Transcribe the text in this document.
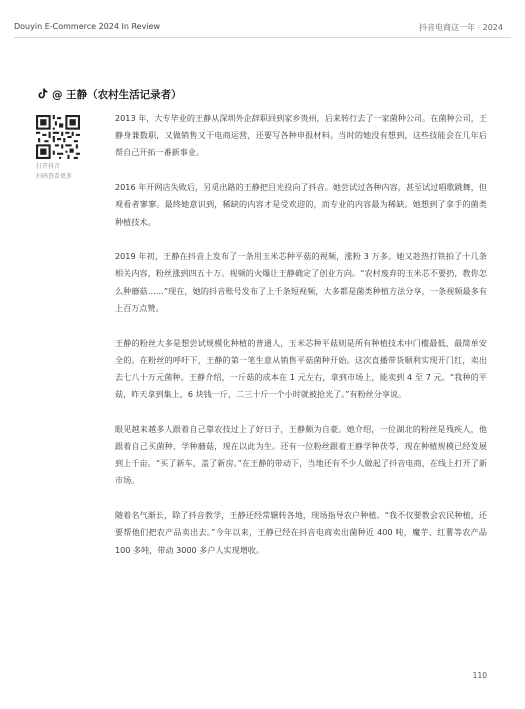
Douyin E-Commerce 2024 In Review	抖音电商这一年 · 2024
@ 王静（农村生活记录者）
打开抖音
扫码查看更多

2013 年，大专毕业的王静从深圳外企辞职回到家乡贵州，后来转行去了一家菌种公司。在菌种公司，王静身兼数职，又做销售又干电商运营，还要写各种申报材料。当时的她没有想到，这些技能会在几年后帮自己开拓一番新事业。

2016 年开网店失败后，另觅出路的王静把目光投向了抖音。她尝试过各种内容，甚至试过唱歌跳舞，但观看者寥寥。最终她意识到，稀缺的内容才是受欢迎的，而专业的内容最为稀缺。她想到了拿手的菌类种植技术。

2019 年初，王静在抖音上发布了一条用玉米芯种平菇的视频，涨粉 3 万多。她又趁热打铁拍了十几条相关内容，粉丝涨到四五十万。视频的火爆让王静确定了创业方向。“农村废弃的玉米芯不要扔，教你怎么种蘑菇……”现在，她的抖音账号发布了上千条短视频，大多都是菌类种植方法分享，一条视频最多有上百万点赞。

王静的粉丝大多是想尝试规模化种植的普通人，玉米芯种平菇则是所有种植技术中门槛最低、最简单安全的。在粉丝的呼吁下，王静的第一笔生意从销售平菇菌种开始。这次直播带货顺利实现开门红，卖出去七八十万元菌种。王静介绍，一斤菇的成本在 1 元左右，拿到市场上，能卖到 4 至 7 元。“我种的平菇，昨天拿到集上，6 块钱一斤，二三十斤一个小时就被抢光了。”有粉丝分享说。

眼见越来越多人跟着自己靠农技过上了好日子，王静颇为自豪。她介绍，一位湖北的粉丝是残疾人，他跟着自己买菌种、学种蘑菇，现在以此为生。还有一位粉丝跟着王静学种茯苓，现在种植规模已经发展到上千亩。“买了新车，盖了新房。”在王静的带动下，当地还有不少人做起了抖音电商，在线上打开了新市场。

随着名气渐长，除了抖音教学，王静还经常辗转各地，现场指导农户种植。“我不仅要教会农民种植，还要帮他们把农产品卖出去。”今年以来，王静已经在抖音电商卖出菌种近 400 吨，魔芋、红薯等农产品 100 多吨，带动 3000 多户人实现增收。

110
